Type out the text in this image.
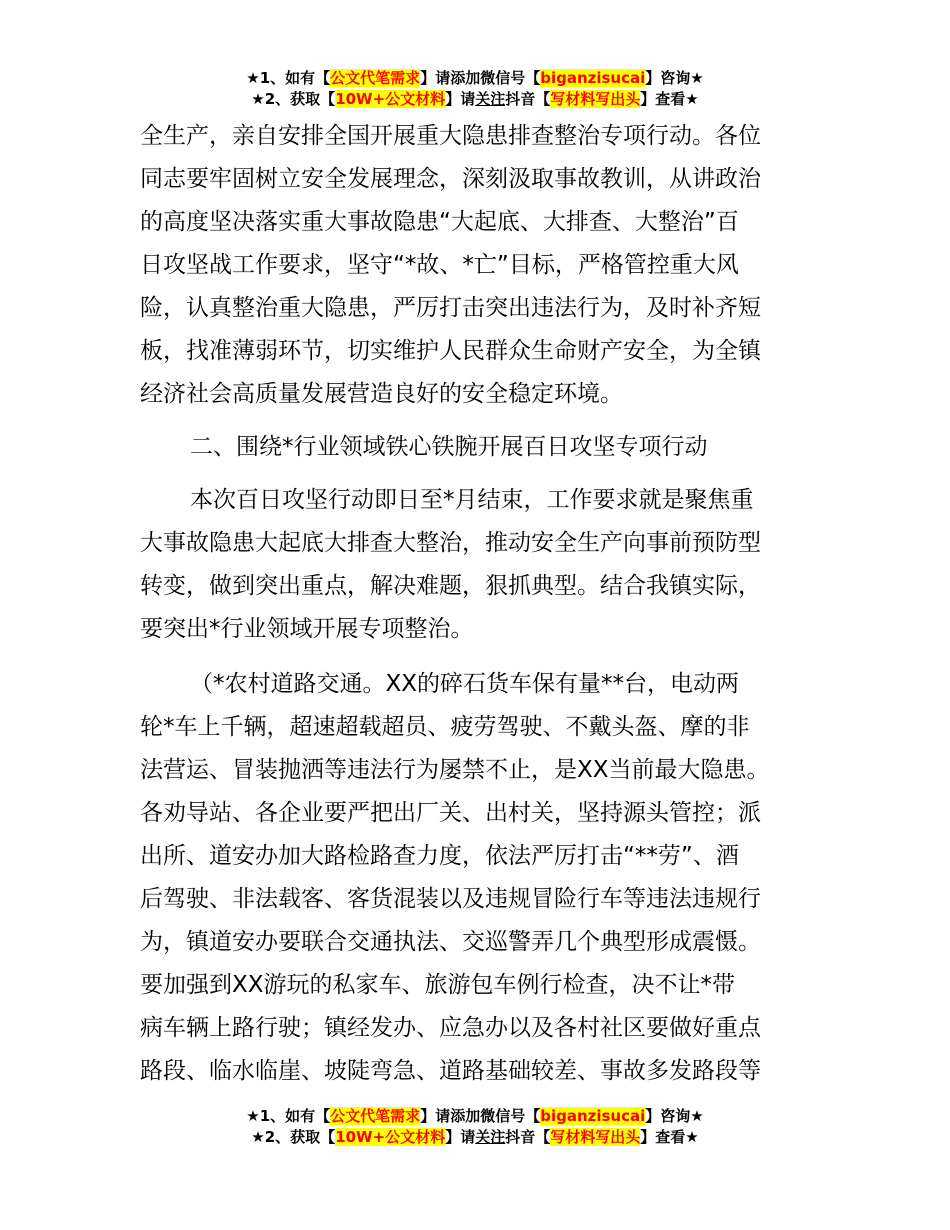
★1、如有【公文代笔需求】请添加微信号【biganzisucai】咨询★
★2、获取【10W+公文材料】请关注抖音【写材料写出头】查看★

全生产，亲自安排全国开展重大隐患排查整治专项行动。各位

同志要牢固树立安全发展理念，深刻汲取事故教训，从讲政治

的高度坚决落实重大事故隐患“大起底、大排查、大整治”百

日攻坚战工作要求，坚守“*故、*亡”目标，严格管控重大风

险，认真整治重大隐患，严厉打击突出违法行为，及时补齐短

板，找准薄弱环节，切实维护人民群众生命财产安全，为全镇

经济社会高质量发展营造良好的安全稳定环境。

二、围绕*行业领域铁心铁腕开展百日攻坚专项行动

本次百日攻坚行动即日至*月结束，工作要求就是聚焦重

大事故隐患大起底大排查大整治，推动安全生产向事前预防型

转变，做到突出重点，解决难题，狠抓典型。结合我镇实际，

要突出*行业领域开展专项整治。

（*农村道路交通。XX的碎石货车保有量**台，电动两

轮*车上千辆，超速超载超员、疲劳驾驶、不戴头盔、摩的非

法营运、冒装抛洒等违法行为屡禁不止，是XX当前最大隐患。

各劝导站、各企业要严把出厂关、出村关，坚持源头管控；派

出所、道安办加大路检路查力度，依法严厉打击“**劳”、酒

后驾驶、非法载客、客货混装以及违规冒险行车等违法违规行

为，镇道安办要联合交通执法、交巡警弄几个典型形成震慑。

要加强到XX游玩的私家车、旅游包车例行检查，决不让*带

病车辆上路行驶；镇经发办、应急办以及各村社区要做好重点

路段、临水临崖、坡陡弯急、道路基础较差、事故多发路段等

★1、如有【公文代笔需求】请添加微信号【biganzisucai】咨询★
★2、获取【10W+公文材料】请关注抖音【写材料写出头】查看★
